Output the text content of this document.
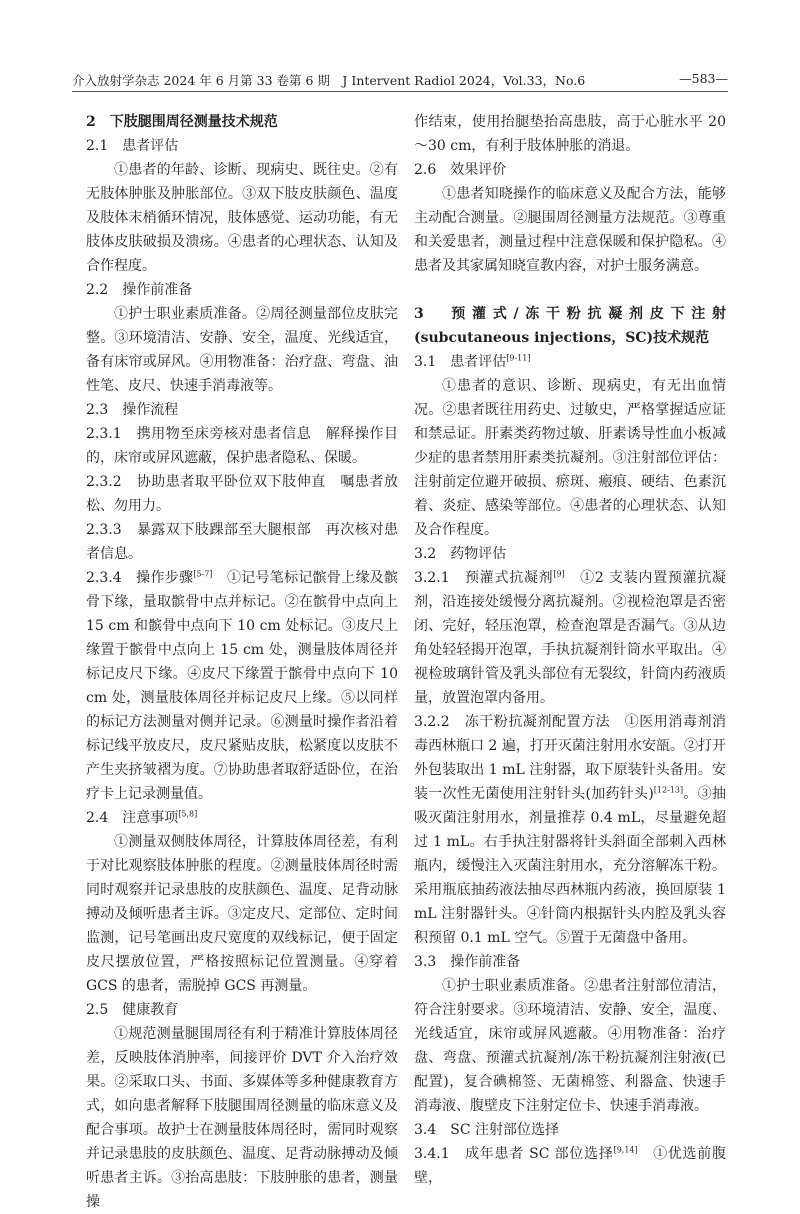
介入放射学杂志 2024 年 6 月第 33 卷第 6 期　J Intervent Radiol 2024，Vol.33，No.6	—583—

2　下肢腿围周径测量技术规范

2.1　患者评估

①患者的年龄、诊断、现病史、既往史。②有无肢体肿胀及肿胀部位。③双下肢皮肤颜色、温度及肢体末梢循环情况，肢体感觉、运动功能，有无肢体皮肤破损及溃疡。④患者的心理状态、认知及合作程度。

2.2　操作前准备

①护士职业素质准备。②周径测量部位皮肤完整。③环境清洁、安静、安全，温度、光线适宜，备有床帘或屏风。④用物准备：治疗盘、弯盘、油性笔、皮尺、快速手消毒液等。

2.3　操作流程

2.3.1　携用物至床旁核对患者信息　解释操作目的，床帘或屏风遮蔽，保护患者隐私、保暖。

2.3.2　协助患者取平卧位双下肢伸直　嘱患者放松、勿用力。

2.3.3　暴露双下肢踝部至大腿根部　再次核对患者信息。

2.3.4　操作步骤[5-7]　①记号笔标记髌骨上缘及髌骨下缘，量取髌骨中点并标记。②在髌骨中点向上 15 cm 和髌骨中点向下 10 cm 处标记。③皮尺上缘置于髌骨中点向上 15 cm 处，测量肢体周径并标记皮尺下缘。④皮尺下缘置于髌骨中点向下 10 cm 处，测量肢体周径并标记皮尺上缘。⑤以同样的标记方法测量对侧并记录。⑥测量时操作者沿着标记线平放皮尺，皮尺紧贴皮肤，松紧度以皮肤不产生夹挤皱褶为度。⑦协助患者取舒适卧位，在治疗卡上记录测量值。

2.4　注意事项[5,8]

①测量双侧肢体周径，计算肢体周径差，有利于对比观察肢体肿胀的程度。②测量肢体周径时需同时观察并记录患肢的皮肤颜色、温度、足背动脉搏动及倾听患者主诉。③定皮尺、定部位、定时间监测，记号笔画出皮尺宽度的双线标记，便于固定皮尺摆放位置，严格按照标记位置测量。④穿着 GCS 的患者，需脱掉 GCS 再测量。

2.5　健康教育

①规范测量腿围周径有利于精准计算肢体周径差，反映肢体消肿率，间接评价 DVT 介入治疗效果。②采取口头、书面、多媒体等多种健康教育方式，如向患者解释下肢腿围周径测量的临床意义及配合事项。故护士在测量肢体周径时，需同时观察并记录患肢的皮肤颜色、温度、足背动脉搏动及倾听患者主诉。③抬高患肢：下肢肿胀的患者，测量操

作结束，使用抬腿垫抬高患肢，高于心脏水平 20～30 cm，有利于肢体肿胀的消退。

2.6　效果评价

①患者知晓操作的临床意义及配合方法，能够主动配合测量。②腿围周径测量方法规范。③尊重和关爱患者，测量过程中注意保暖和保护隐私。④患者及其家属知晓宣教内容，对护士服务满意。

3　预灌式/冻干粉抗凝剂皮下注射(subcutaneous injections，SC)技术规范

3.1　患者评估[9-11]

①患者的意识、诊断、现病史，有无出血情况。②患者既往用药史、过敏史，严格掌握适应证和禁忌证。肝素类药物过敏、肝素诱导性血小板减少症的患者禁用肝素类抗凝剂。③注射部位评估：注射前定位避开破损、瘀斑、瘢痕、硬结、色素沉着、炎症、感染等部位。④患者的心理状态、认知及合作程度。

3.2　药物评估

3.2.1　预灌式抗凝剂[9]　①2 支装内置预灌抗凝剂，沿连接处缓慢分离抗凝剂。②视检泡罩是否密闭、完好，轻压泡罩，检查泡罩是否漏气。③从边角处轻轻揭开泡罩，手执抗凝剂针筒水平取出。④视检玻璃针管及乳头部位有无裂纹，针筒内药液质量，放置泡罩内备用。

3.2.2　冻干粉抗凝剂配置方法　①医用消毒剂消毒西林瓶口 2 遍，打开灭菌注射用水安瓿。②打开外包装取出 1 mL 注射器，取下原装针头备用。安装一次性无菌使用注射针头(加药针头)[12-13]。③抽吸灭菌注射用水，剂量推荐 0.4 mL，尽量避免超过 1 mL。右手执注射器将针头斜面全部刺入西林瓶内，缓慢注入灭菌注射用水，充分溶解冻干粉。采用瓶底抽药液法抽尽西林瓶内药液，换回原装 1 mL 注射器针头。④针筒内根据针头内腔及乳头容积预留 0.1 mL 空气。⑤置于无菌盘中备用。

3.3　操作前准备

①护士职业素质准备。②患者注射部位清洁，符合注射要求。③环境清洁、安静、安全，温度、光线适宜，床帘或屏风遮蔽。④用物准备：治疗盘、弯盘、预灌式抗凝剂/冻干粉抗凝剂注射液(已配置)，复合碘棉签、无菌棉签、利器盒、快速手消毒液、腹壁皮下注射定位卡、快速手消毒液。

3.4　SC 注射部位选择

3.4.1　成年患者 SC 部位选择[9,14]　①优选前腹壁，
